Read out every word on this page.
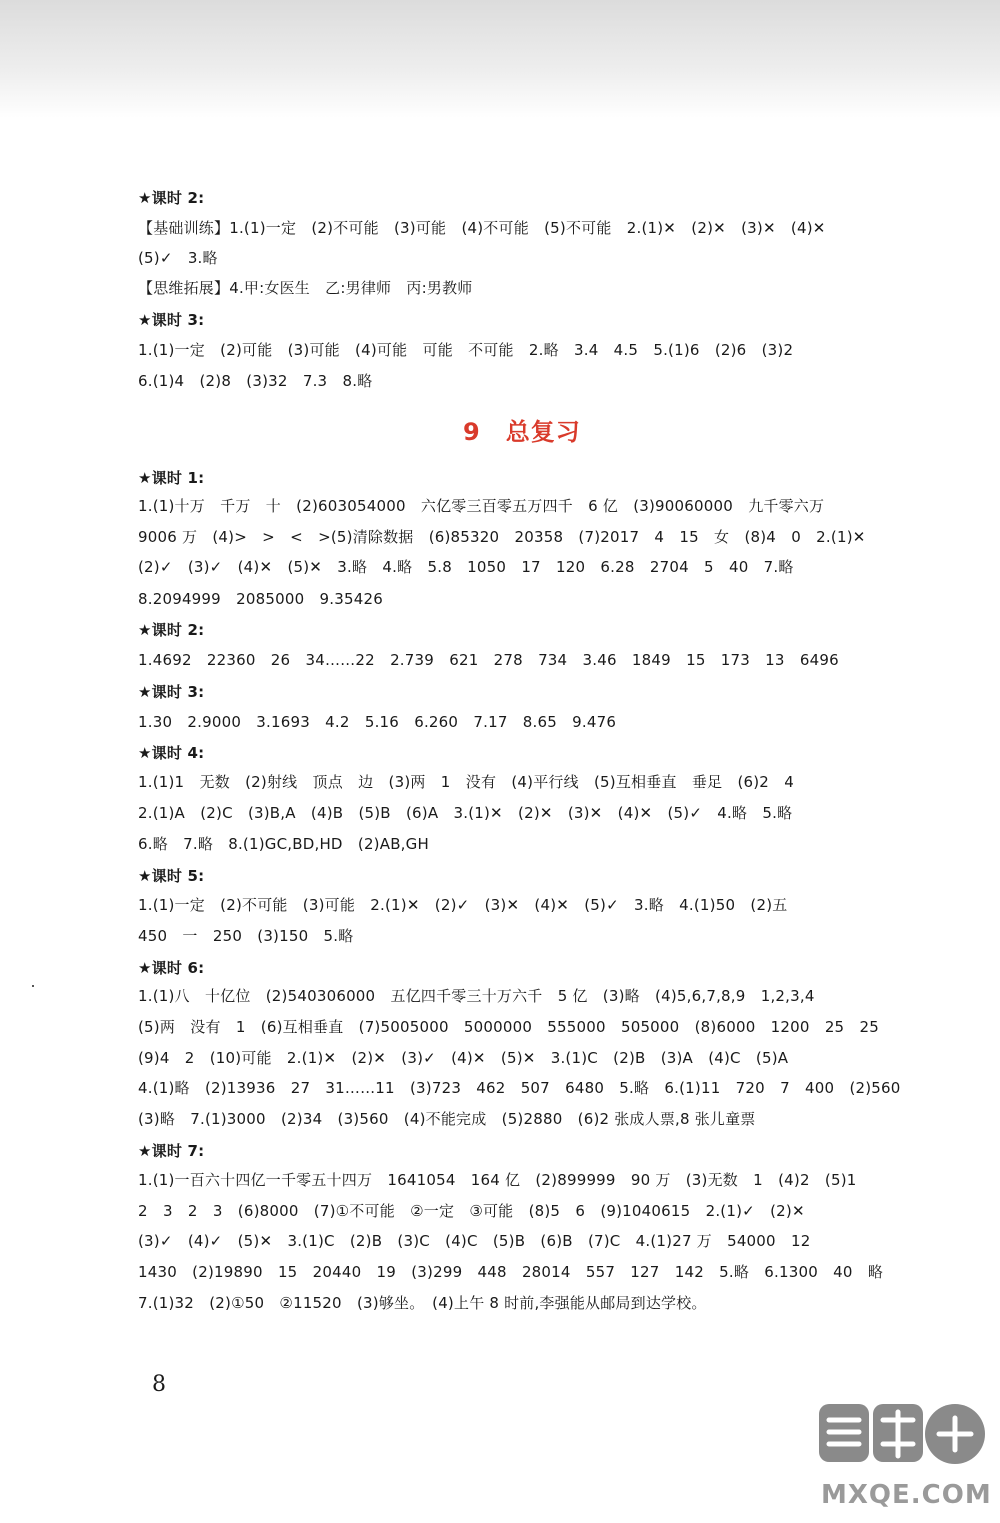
★课时 2:
【基础训练】1.(1)一定　(2)不可能　(3)可能　(4)不可能　(5)不可能　2.(1)✕　(2)✕　(3)✕　(4)✕
(5)✓　3.略
【思维拓展】4.甲:女医生　乙:男律师　丙:男教师
★课时 3:
1.(1)一定　(2)可能　(3)可能　(4)可能　可能　不可能　2.略　3.4　4.5　5.(1)6　(2)6　(3)2
6.(1)4　(2)8　(3)32　7.3　8.略
9　总复习
★课时 1:
1.(1)十万　千万　十　(2)603054000　六亿零三百零五万四千　6 亿　(3)90060000　九千零六万
9006 万　(4)>　>　<　>(5)清除数据　(6)85320　20358　(7)2017　4　15　女　(8)4　0　2.(1)✕
(2)✓　(3)✓　(4)✕　(5)✕　3.略　4.略　5.8　1050　17　120　6.28　2704　5　40　7.略
8.2094999　2085000　9.35426
★课时 2:
1.4692　22360　26　34……22　2.739　621　278　734　3.46　1849　15　173　13　6496
★课时 3:
1.30　2.9000　3.1693　4.2　5.16　6.260　7.17　8.65　9.476
★课时 4:
1.(1)1　无数　(2)射线　顶点　边　(3)两　1　没有　(4)平行线　(5)互相垂直　垂足　(6)2　4
2.(1)A　(2)C　(3)B,A　(4)B　(5)B　(6)A　3.(1)✕　(2)✕　(3)✕　(4)✕　(5)✓　4.略　5.略
6.略　7.略　8.(1)GC,BD,HD　(2)AB,GH
★课时 5:
1.(1)一定　(2)不可能　(3)可能　2.(1)✕　(2)✓　(3)✕　(4)✕　(5)✓　3.略　4.(1)50　(2)五
450　一　250　(3)150　5.略
★课时 6:
1.(1)八　十亿位　(2)540306000　五亿四千零三十万六千　5 亿　(3)略　(4)5,6,7,8,9　1,2,3,4
(5)两　没有　1　(6)互相垂直　(7)5005000　5000000　555000　505000　(8)6000　1200　25　25
(9)4　2　(10)可能　2.(1)✕　(2)✕　(3)✓　(4)✕　(5)✕　3.(1)C　(2)B　(3)A　(4)C　(5)A
4.(1)略　(2)13936　27　31……11　(3)723　462　507　6480　5.略　6.(1)11　720　7　400　(2)560
(3)略　7.(1)3000　(2)34　(3)560　(4)不能完成　(5)2880　(6)2 张成人票,8 张儿童票
★课时 7:
1.(1)一百六十四亿一千零五十四万　1641054　164 亿　(2)899999　90 万　(3)无数　1　(4)2　(5)1
2　3　2　3　(6)8000　(7)①不可能　②一定　③可能　(8)5　6　(9)1040615　2.(1)✓　(2)✕
(3)✓　(4)✓　(5)✕　3.(1)C　(2)B　(3)C　(4)C　(5)B　(6)B　(7)C　4.(1)27 万　54000　12
1430　(2)19890　15　20440　19　(3)299　448　28014　557　127　142　5.略　6.1300　40　略
7.(1)32　(2)①50　②11520　(3)够坐。　(4)上午 8 时前,李强能从邮局到达学校。
8
MXQE.COM
